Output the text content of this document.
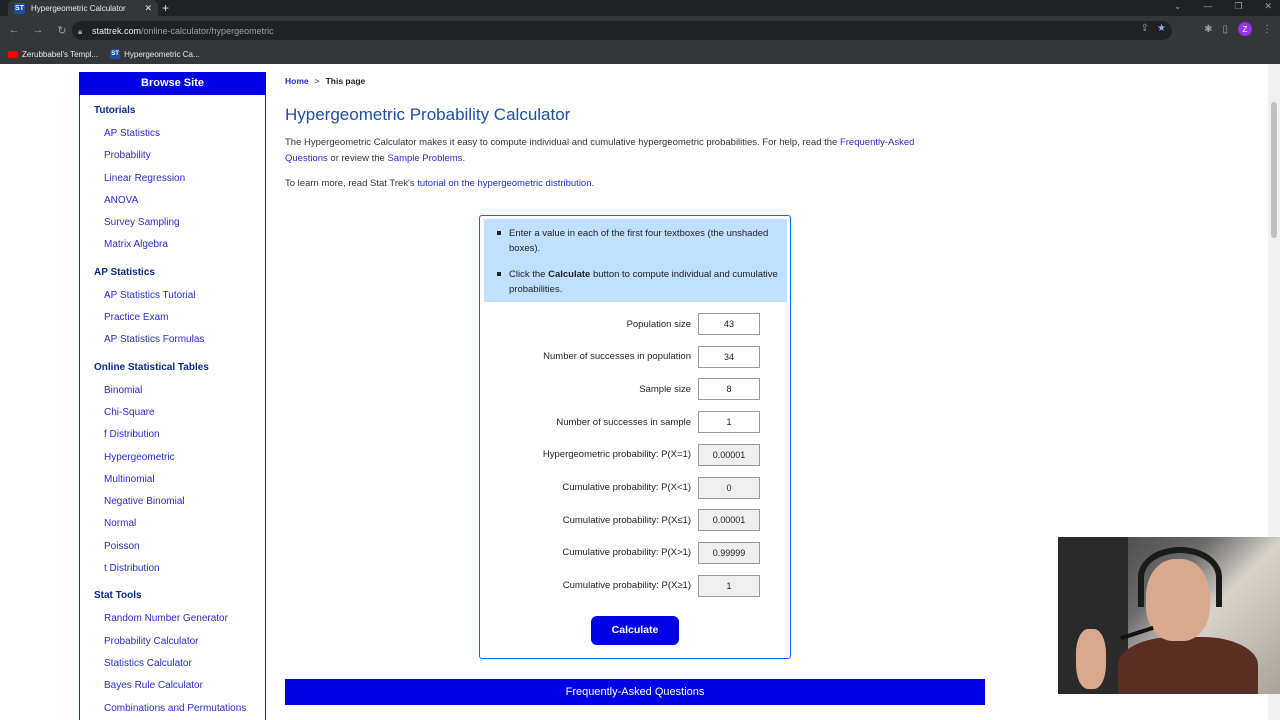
ST Hypergeometric Calculator	✕ +	⌄ — ❐ ✕
←	→	↻	🔒︎	stattrek.com /online-calculator/hypergeometric	⇪ ★	✱ ▯	Z	⋮
Zerubbabel's Templ... ST Hypergeometric Ca...
Browse Site
Tutorials
AP Statistics
Probability
Linear Regression
ANOVA
Survey Sampling
Matrix Algebra
AP Statistics
AP Statistics Tutorial
Practice Exam
AP Statistics Formulas
Online Statistical Tables
Binomial
Chi-Square
f Distribution
Hypergeometric
Multinomial
Negative Binomial
Normal
Poisson
t Distribution
Stat Tools
Random Number Generator
Probability Calculator
Statistics Calculator
Bayes Rule Calculator
Combinations and Permutations
Home > This page
Hypergeometric Probability Calculator

The Hypergeometric Calculator makes it easy to compute individual and cumulative hypergeometric probabilities. For help, read the Frequently-Asked Questions or review the Sample Problems.

To learn more, read Stat Trek's tutorial on the hypergeometric distribution.

Enter a value in each of the first four textboxes (the unshaded boxes).
Click the Calculate button to compute individual and cumulative probabilities.
Population size	43
Number of successes in population	34
Sample size	8
Number of successes in sample	1
Hypergeometric probability: P(X=1)	0.00001
Cumulative probability: P(X<1)	0
Cumulative probability: P(X≤1)	0.00001
Cumulative probability: P(X>1)	0.99999
Cumulative probability: P(X≥1)	1
Calculate
Frequently-Asked Questions
